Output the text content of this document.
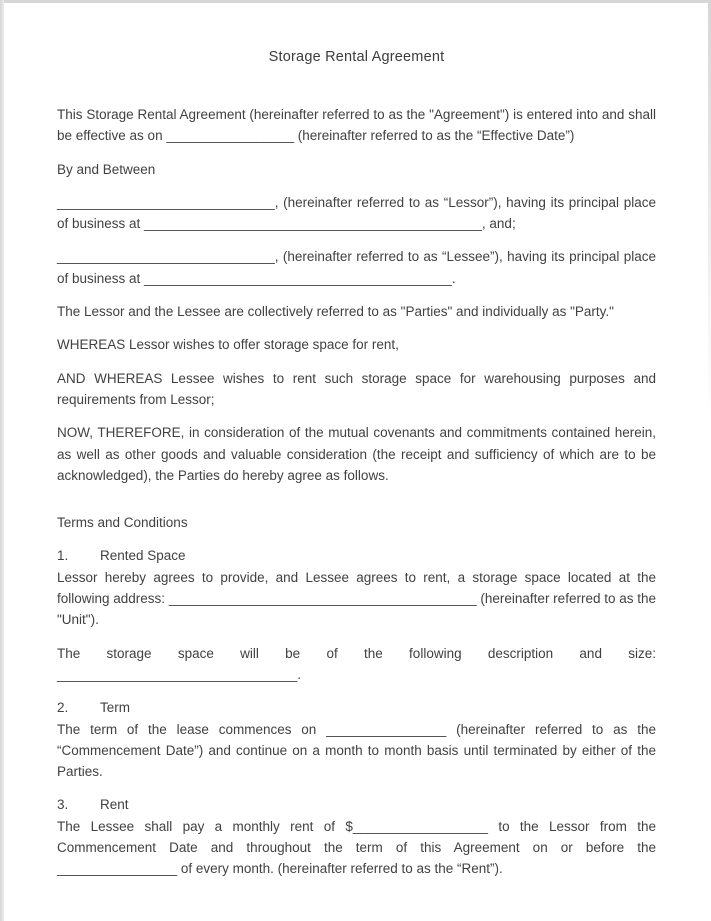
Storage Rental Agreement

This Storage Rental Agreement (hereinafter referred to as the "Agreement") is entered into and shall be effective as on _________________ (hereinafter referred to as the “Effective Date”)

By and Between

_____________________________, (hereinafter referred to as “Lessor”), having its principal place of business at _____________________________________________, and;

_____________________________, (hereinafter referred to as “Lessee”), having its principal place of business at _________________________________________.

The Lessor and the Lessee are collectively referred to as "Parties" and individually as "Party."

WHEREAS Lessor wishes to offer storage space for rent,

AND WHEREAS Lessee wishes to rent such storage space for warehousing purposes and requirements from Lessor;

NOW, THEREFORE, in consideration of the mutual covenants and commitments contained herein, as well as other goods and valuable consideration (the receipt and sufficiency of which are to be acknowledged), the Parties do hereby agree as follows.

Terms and Conditions

1. Rented Space

Lessor hereby agrees to provide, and Lessee agrees to rent, a storage space located at the following address: _________________________________________ (hereinafter referred to as the "Unit").

The storage space will be of the following description and size: ________________________________.

2. Term

The term of the lease commences on ________________ (hereinafter referred to as the “Commencement Date”) and continue on a month to month basis until terminated by either of the Parties.

3. Rent

The Lessee shall pay a monthly rent of $__________________ to the Lessor from the Commencement Date and throughout the term of this Agreement on or before the ________________ of every month. (hereinafter referred to as the “Rent”).
